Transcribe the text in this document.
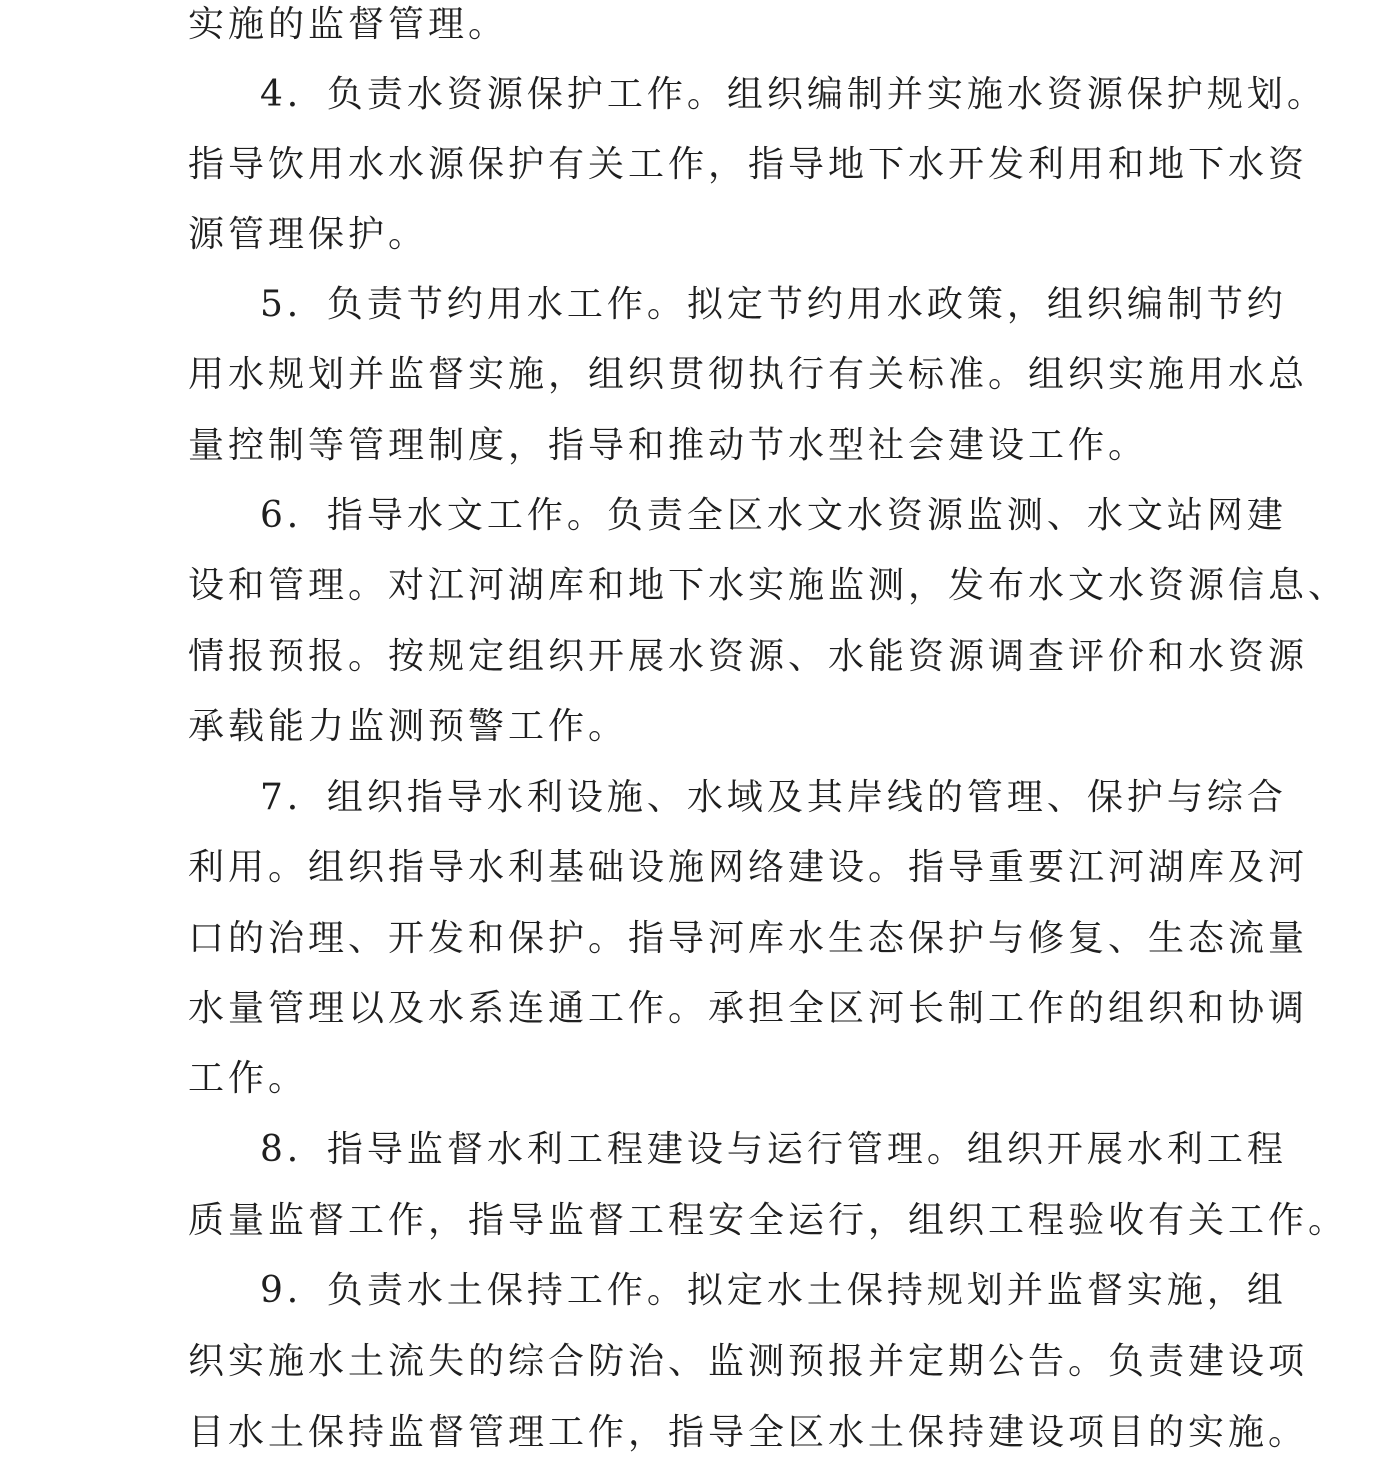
实施的监督管理。
4．负责水资源保护工作。组织编制并实施水资源保护规划。
指导饮用水水源保护有关工作，指导地下水开发利用和地下水资
源管理保护。
5．负责节约用水工作。拟定节约用水政策，组织编制节约
用水规划并监督实施，组织贯彻执行有关标准。组织实施用水总
量控制等管理制度，指导和推动节水型社会建设工作。
6．指导水文工作。负责全区水文水资源监测、水文站网建
设和管理。对江河湖库和地下水实施监测，发布水文水资源信息、
情报预报。按规定组织开展水资源、水能资源调查评价和水资源
承载能力监测预警工作。
7．组织指导水利设施、水域及其岸线的管理、保护与综合
利用。组织指导水利基础设施网络建设。指导重要江河湖库及河
口的治理、开发和保护。指导河库水生态保护与修复、生态流量
水量管理以及水系连通工作。承担全区河长制工作的组织和协调
工作。
8．指导监督水利工程建设与运行管理。组织开展水利工程
质量监督工作，指导监督工程安全运行，组织工程验收有关工作。
9．负责水土保持工作。拟定水土保持规划并监督实施，组
织实施水土流失的综合防治、监测预报并定期公告。负责建设项
目水土保持监督管理工作，指导全区水土保持建设项目的实施。
